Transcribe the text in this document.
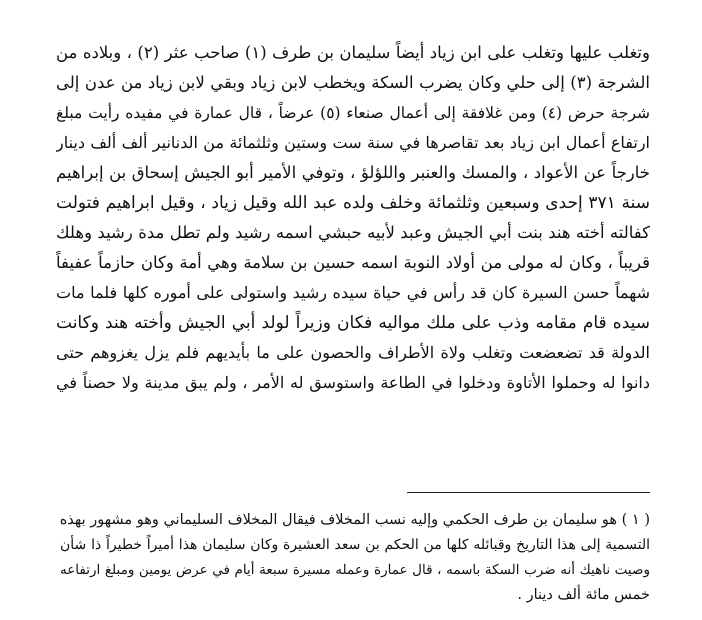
وتغلب عليها وتغلب على ابن زياد أيضاً سليمان بن طرف (١) صاحب عثر (٢) ، وبلاده من
الشرجة (٣) إلى حلي وكان يضرب السكة ويخطب لابن زياد وبقي لابن زياد من عدن إلى
شرجة حرض (٤) ومن غلافقة إلى أعمال صنعاء (٥) عرضاً ، قال عمارة في مفيده رأيت مبلغ
ارتفاع أعمال ابن زياد بعد تقاصرها في سنة ست وستين وثلثمائة من الدنانير ألف ألف دينار
خارجاً عن الأعواد ، والمسك والعنبر واللؤلؤ ، وتوفي الأمير أبو الجيش إسحاق بن إبراهيم
سنة ٣٧١ إحدى وسبعين وثلثمائة وخلف ولده عبد الله وقيل زياد ، وقيل ابراهيم فتولت
كفالته أخته هند بنت أبي الجيش وعبد لأبيه حبشي اسمه رشيد ولم تطل مدة رشيد وهلك
قريباً ، وكان له مولى من أولاد النوبة اسمه حسين بن سلامة وهي أمة وكان حازماً عفيفاً
شهماً حسن السيرة كان قد رأس في حياة سيده رشيد واستولى على أموره كلها فلما مات
سيده قام مقامه وذب على ملك مواليه فكان وزيراً لولد أبي الجيش وأخته هند وكانت
الدولة قد تضعضعت وتغلب ولاة الأطراف والحصون على ما بأيديهم فلم يزل يغزوهم حتى
دانوا له وحملوا الأتاوة ودخلوا في الطاعة واستوسق له الأمر ، ولم يبق مدينة ولا حصناً في
( ١ ) هو سليمان بن طرف الحكمي وإليه نسب المخلاف فيقال المخلاف السليماني وهو مشهور بهذه
التسمية إلى هذا التاريخ وقبائله كلها من الحكم بن سعد العشيرة وكان سليمان هذا أميراً خطيراً ذا شأن
وصيت ناهيك أنه ضرب السكة باسمه ، قال عمارة وعمله مسيرة سبعة أيام في عرض يومين ومبلغ ارتفاعه
خمس مائة ألف دينار .
